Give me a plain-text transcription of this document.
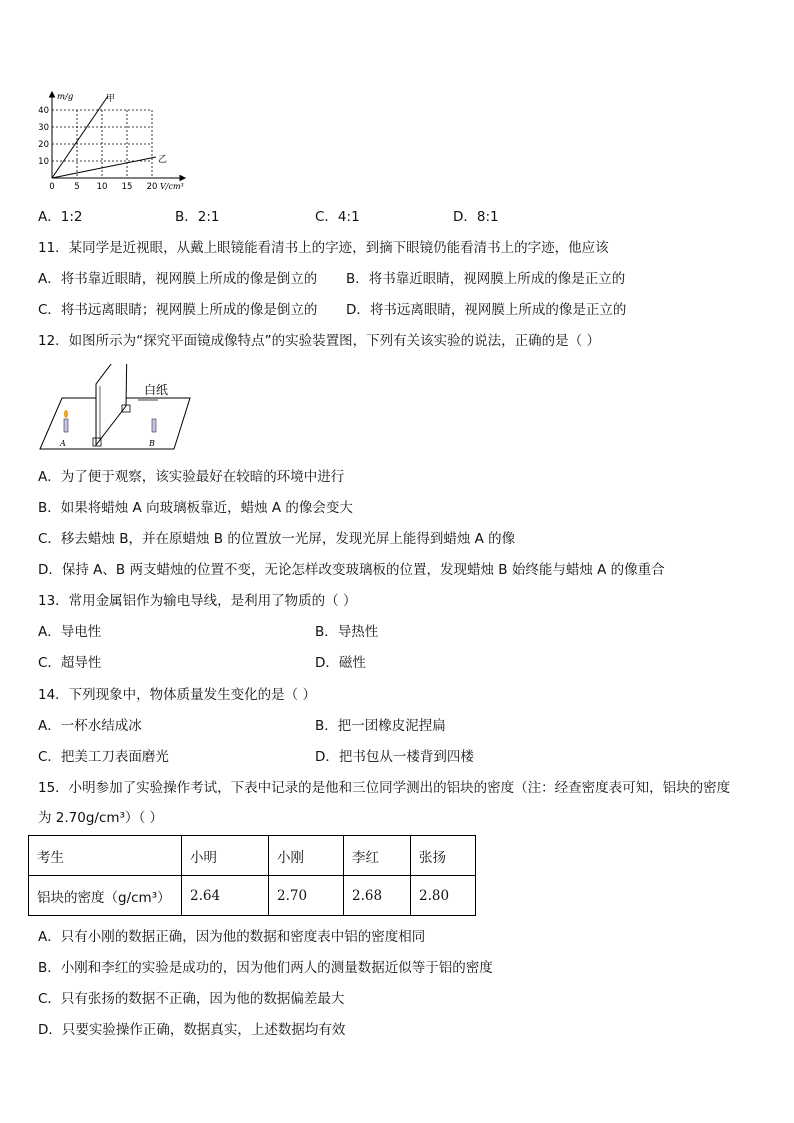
m/g	甲
乙
40
30
20
10
0 5 10 15 20 V/cm³
A．1:2	B．2:1	C．4:1	D．8:1
11．某同学是近视眼，从戴上眼镜能看清书上的字迹，到摘下眼镜仍能看清书上的字迹，他应该
A．将书靠近眼睛，视网膜上所成的像是倒立的 B．将书靠近眼睛，视网膜上所成的像是正立的
C．将书远离眼睛；视网膜上所成的像是倒立的 D．将书远离眼睛，视网膜上所成的像是正立的
12．如图所示为“探究平面镜成像特点”的实验装置图，下列有关该实验的说法，正确的是（ ）
白纸
A	B
A．为了便于观察，该实验最好在较暗的环境中进行
B．如果将蜡烛 A 向玻璃板靠近，蜡烛 A 的像会变大
C．移去蜡烛 B，并在原蜡烛 B 的位置放一光屏，发现光屏上能得到蜡烛 A 的像
D．保持 A、B 两支蜡烛的位置不变，无论怎样改变玻璃板的位置，发现蜡烛 B 始终能与蜡烛 A 的像重合
13．常用金属铝作为输电导线，是利用了物质的（ ）
A．导电性	B．导热性
C．超导性	D．磁性
14．下列现象中，物体质量发生变化的是（ ）
A．一杯水结成冰	B．把一团橡皮泥捏扁
C．把美工刀表面磨光	D．把书包从一楼背到四楼
15．小明参加了实验操作考试，下表中记录的是他和三位同学测出的铝块的密度（注：经查密度表可知，铝块的密度
为 2.70g/cm³）（ ）
考生	小明	小刚	李红	张扬
铝块的密度（g/cm³）	2.64	2.70	2.68	2.80
A．只有小刚的数据正确，因为他的数据和密度表中铝的密度相同
B．小刚和李红的实验是成功的，因为他们两人的测量数据近似等于铝的密度
C．只有张扬的数据不正确，因为他的数据偏差最大
D．只要实验操作正确，数据真实，上述数据均有效
